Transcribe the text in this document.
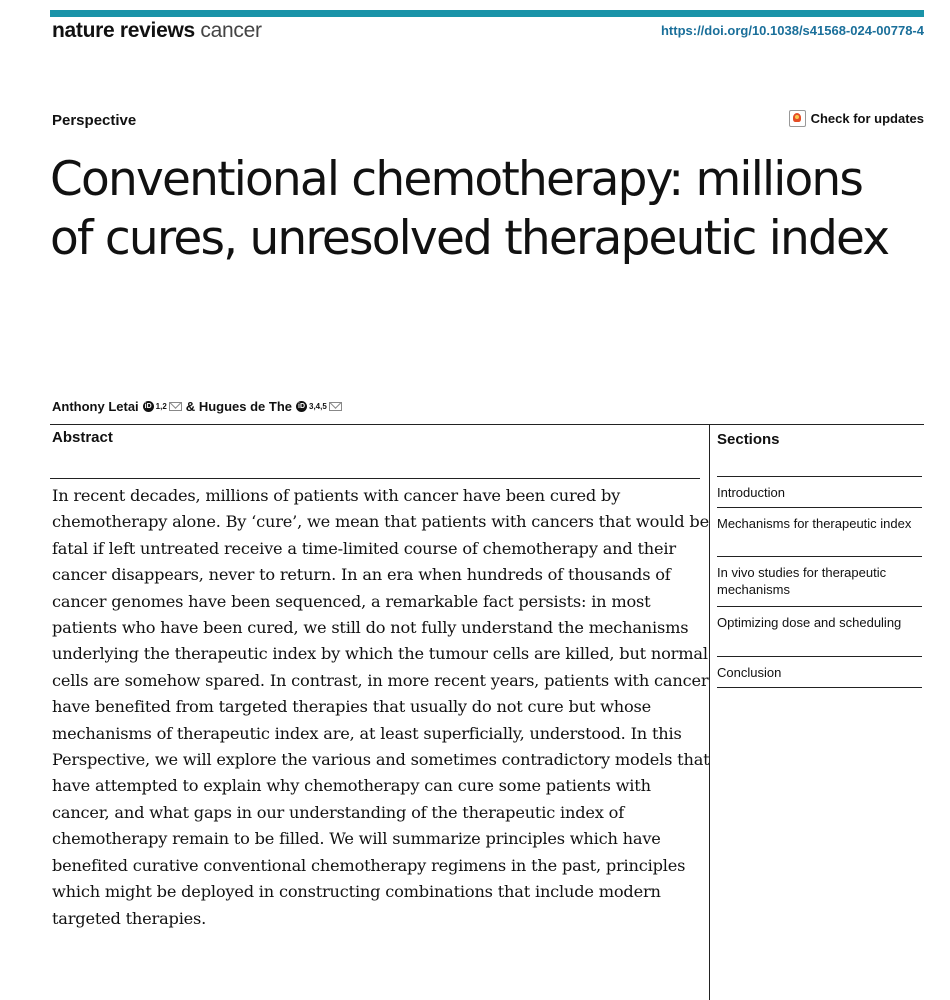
nature reviews cancer	https://doi.org/10.1038/s41568-024-00778-4
Perspective	Check for updates
Conventional chemotherapy: millions of cures, unresolved therapeutic index
Anthony Letai iD 1,2 &
Hugues de The iD 3,4,5
Abstract

In recent decades, millions of patients with cancer have been cured by chemotherapy alone. By ‘cure’, we mean that patients with cancers that would be fatal if left untreated receive a time-limited course of chemotherapy and their cancer disappears, never to return. In an era when hundreds of thousands of cancer genomes have been sequenced, a remarkable fact persists: in most patients who have been cured, we still do not fully understand the mechanisms underlying the therapeutic index by which the tumour cells are killed, but normal cells are somehow spared. In contrast, in more recent years, patients with cancer have benefited from targeted therapies that usually do not cure but whose mechanisms of therapeutic index are, at least superficially, understood. In this Perspective, we will explore the various and sometimes contradictory models that have attempted to explain why chemotherapy can cure some patients with cancer, and what gaps in our understanding of the therapeutic index of chemotherapy remain to be filled. We will summarize principles which have benefited curative conventional chemotherapy regimens in the past, principles which might be deployed in constructing combinations that include modern targeted therapies.

Sections
Introduction
Mechanisms for therapeutic index
In vivo studies for therapeutic mechanisms
Optimizing dose and scheduling
Conclusion
